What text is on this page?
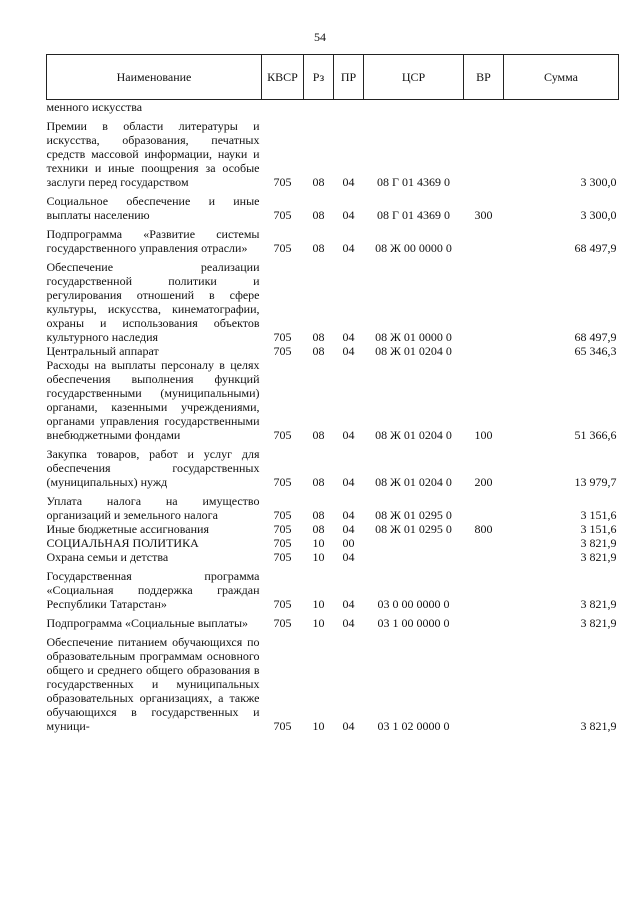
54
Наименование	КВСР	Рз	ПР	ЦСР	ВР	Сумма
менного искусства						
Премии в области литературы и искусства, образования, печатных средств массовой информации, науки и техники и иные поощрения за особые заслуги перед государством	705	08	04	08 Г 01 4369 0		3 300,0
Социальное обеспечение и иные выплаты населению	705	08	04	08 Г 01 4369 0	300	3 300,0
Подпрограмма «Развитие системы государственного управления отрасли»	705	08	04	08 Ж 00 0000 0		68 497,9
Обеспечение реализации государственной политики и регулирования отношений в сфере культуры, искусства, кинематографии, охраны и использования объектов культурного наследия	705	08	04	08 Ж 01 0000 0		68 497,9
Центральный аппарат	705	08	04	08 Ж 01 0204 0		65 346,3
Расходы на выплаты персоналу в целях обеспечения выполнения функций государственными (муниципальными) органами, казенными учреждениями, органами управления государственными внебюджетными фондами	705	08	04	08 Ж 01 0204 0	100	51 366,6
Закупка товаров, работ и услуг для обеспечения государственных (муниципальных) нужд	705	08	04	08 Ж 01 0204 0	200	13 979,7
Уплата налога на имущество организаций и земельного налога	705	08	04	08 Ж 01 0295 0		3 151,6
Иные бюджетные ассигнования	705	08	04	08 Ж 01 0295 0	800	3 151,6
СОЦИАЛЬНАЯ ПОЛИТИКА	705	10	00			3 821,9
Охрана семьи и детства	705	10	04			3 821,9
Государственная программа «Социальная поддержка граждан Республики Татарстан»	705	10	04	03 0 00 0000 0		3 821,9
Подпрограмма «Социальные выплаты»	705	10	04	03 1 00 0000 0		3 821,9
Обеспечение питанием обучающихся по образовательным программам основного общего и среднего общего образования в государственных и муниципальных образовательных организациях, а также обучающихся в государственных и муници-	705	10	04	03 1 02 0000 0		3 821,9
